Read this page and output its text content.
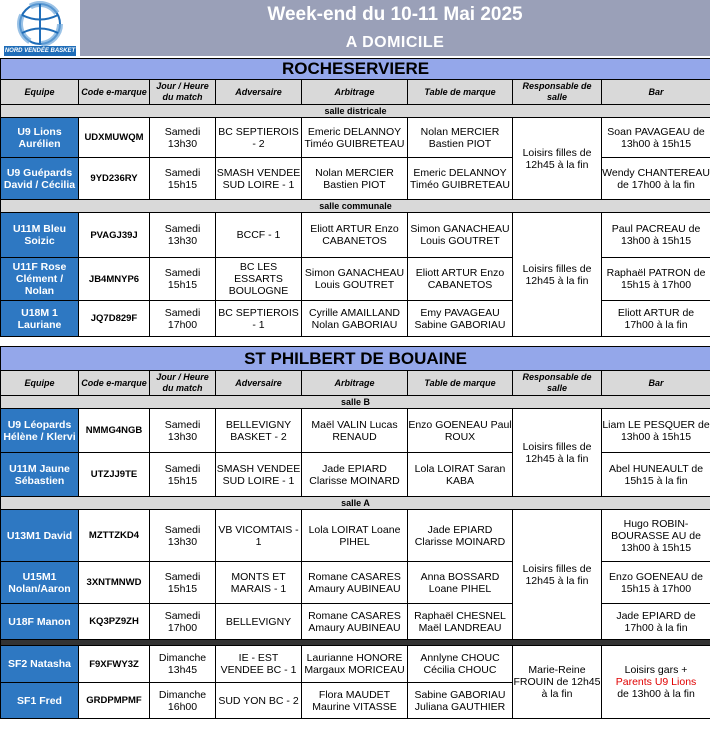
NORD VENDÉE BASKET
Week-end du 10-11 Mai 2025
A DOMICILE
ROCHESERVIERE							
Equipe	Code e-marque	Jour / Heure du match	Adversaire	Arbitrage	Table de marque	Responsable de salle	Bar
salle districale							
U9 Lions Aurélien	UDXMUWQM	Samedi 13h30	BC SEPTIEROIS - 2	Emeric DELANNOY Timéo GUIBRETEAU	Nolan MERCIER Bastien PIOT	Loisirs filles de 12h45 à la fin	Soan PAVAGEAU de 13h00 à 15h15
U9 Guépards David / Cécilia	9YD236RY	Samedi 15h15	SMASH VENDEE SUD LOIRE - 1	Nolan MERCIER Bastien PIOT	Emeric DELANNOY Timéo GUIBRETEAU		Wendy CHANTEREAU de 17h00 à la fin
salle communale							
U11M Bleu Soizic	PVAGJ39J	Samedi 13h30	BCCF - 1	Eliott ARTUR Enzo CABANETOS	Simon GANACHEAU Louis GOUTRET	Loisirs filles de 12h45 à la fin	Paul PACREAU de 13h00 à 15h15
U11F Rose Clément / Nolan	JB4MNYP6	Samedi 15h15	BC LES ESSARTS BOULOGNE	Simon GANACHEAU Louis GOUTRET	Eliott ARTUR Enzo CABANETOS		Raphaël PATRON de 15h15 à 17h00
U18M 1 Lauriane	JQ7D829F	Samedi 17h00	BC SEPTIEROIS - 1	Cyrille AMAILLAND Nolan GABORIAU	Emy PAVAGEAU Sabine GABORIAU		Eliott ARTUR de 17h00 à la fin
ST PHILBERT DE BOUAINE							
Equipe	Code e-marque	Jour / Heure du match	Adversaire	Arbitrage	Table de marque	Responsable de salle	Bar
salle B							
U9 Léopards Hélène / Klervi	NMMG4NGB	Samedi 13h30	BELLEVIGNY BASKET - 2	Maël VALIN Lucas RENAUD	Enzo GOENEAU Paul ROUX	Loisirs filles de 12h45 à la fin	Liam LE PESQUER de 13h00 à 15h15
U11M Jaune Sébastien	UTZJJ9TE	Samedi 15h15	SMASH VENDEE SUD LOIRE - 1	Jade EPIARD Clarisse MOINARD	Lola LOIRAT Saran KABA		Abel HUNEAULT de 15h15 à la fin
salle A							
U13M1 David	MZTTZKD4	Samedi 13h30	VB VICOMTAIS - 1	Lola LOIRAT Loane PIHEL	Jade EPIARD Clarisse MOINARD	Loisirs filles de 12h45 à la fin	Hugo ROBIN-BOURASSE AU de 13h00 à 15h15
U15M1 Nolan/Aaron	3XNTMNWD	Samedi 15h15	MONTS ET MARAIS - 1	Romane CASARES Amaury AUBINEAU	Anna BOSSARD Loane PIHEL		Enzo GOENEAU de 15h15 à 17h00
U18F Manon	KQ3PZ9ZH	Samedi 17h00	BELLEVIGNY	Romane CASARES Amaury AUBINEAU	Raphaël CHESNEL Maël LANDREAU		Jade EPIARD de 17h00 à la fin

SF2 Natasha	F9XFWY3Z	Dimanche 13h45	IE - EST VENDEE BC - 1	Laurianne HONORE Margaux MORICEAU	Annlyne CHOUC Cécilia CHOUC	Marie-Reine FROUIN de 12h45 à la fin	Loisirs gars +
Parents U9 Lions
de 13h00 à la fin

SF1 Fred	GRDPMPMF	Dimanche 16h00	SUD YON BC - 2	Flora MAUDET Maurine VITASSE	Sabine GABORIAU Juliana GAUTHIER		
